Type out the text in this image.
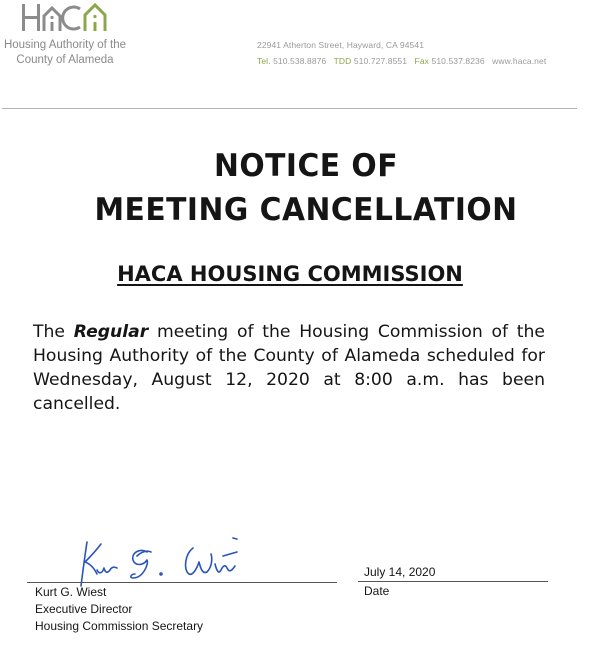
Housing Authority of the
County of Alameda
22941 Atherton Street, Hayward, CA 94541
Tel. 510.538.8876 TDD 510.727.8551 Fax 510.537.8236 www.haca.net
NOTICE OF
MEETING CANCELLATION
HACA HOUSING COMMISSION
The Regular meeting of the Housing Commission of the Housing Authority of the County of Alameda scheduled for Wednesday, August 12, 2020 at 8:00 a.m. has been cancelled.
Kurt G. Wiest
Executive Director
Housing Commission Secretary
July 14, 2020
Date
